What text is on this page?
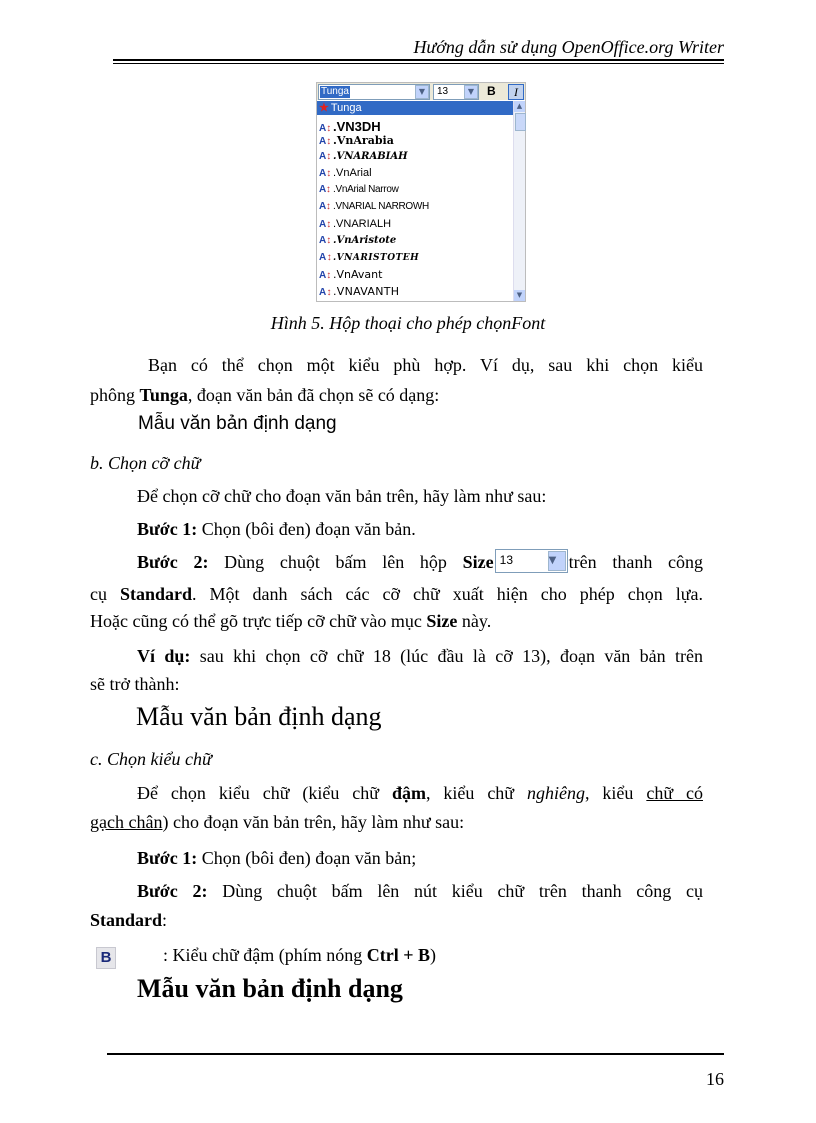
Hướng dẫn sử dụng OpenOffice.org Writer
Tunga	▼	13	▼	B	I
★ Tunga
A↕ .VN3DH
A↕ .VnArabia
A↕ .VNARABIAH
A↕ .VnArial
A↕ .VnArial Narrow
A↕ .VNARIAL NARROWH
A↕ .VNARIALH
A↕ .VnAristote
A↕.VNARISTOTEH
A↕ .VnAvant
A↕.VNAVANTH
▲
▼
Hình 5. Hộp thoại cho phép chọnFont
Bạn có thể chọn một kiểu phù hợp. Ví dụ, sau khi chọn kiểu
phông Tunga, đoạn văn bản đã chọn sẽ có dạng:
Mẫu văn bản định dạng
b. Chọn cỡ chữ
Để chọn cỡ chữ cho đoạn văn bản trên, hãy làm như sau:
Bước 1: Chọn (bôi đen) đoạn văn bản.
Bước 2: Dùng chuột bấm lên hộp Size 13	▼ trên thanh công
cụ Standard. Một danh sách các cỡ chữ xuất hiện cho phép chọn lựa.
Hoặc cũng có thể gõ trực tiếp cỡ chữ vào mục Size này.
Ví dụ: sau khi chọn cỡ chữ 18 (lúc đầu là cỡ 13), đoạn văn bản trên
sẽ trở thành:
Mẫu văn bản định dạng
c. Chọn kiểu chữ
Để chọn kiểu chữ (kiểu chữ đậm, kiểu chữ nghiêng, kiểu chữ có
gạch chân) cho đoạn văn bản trên, hãy làm như sau:
Bước 1: Chọn (bôi đen) đoạn văn bản;
Bước 2: Dùng chuột bấm lên nút kiểu chữ trên thanh công cụ
Standard:
B	: Kiểu chữ đậm (phím nóng Ctrl + B)
Mẫu văn bản định dạng
16
